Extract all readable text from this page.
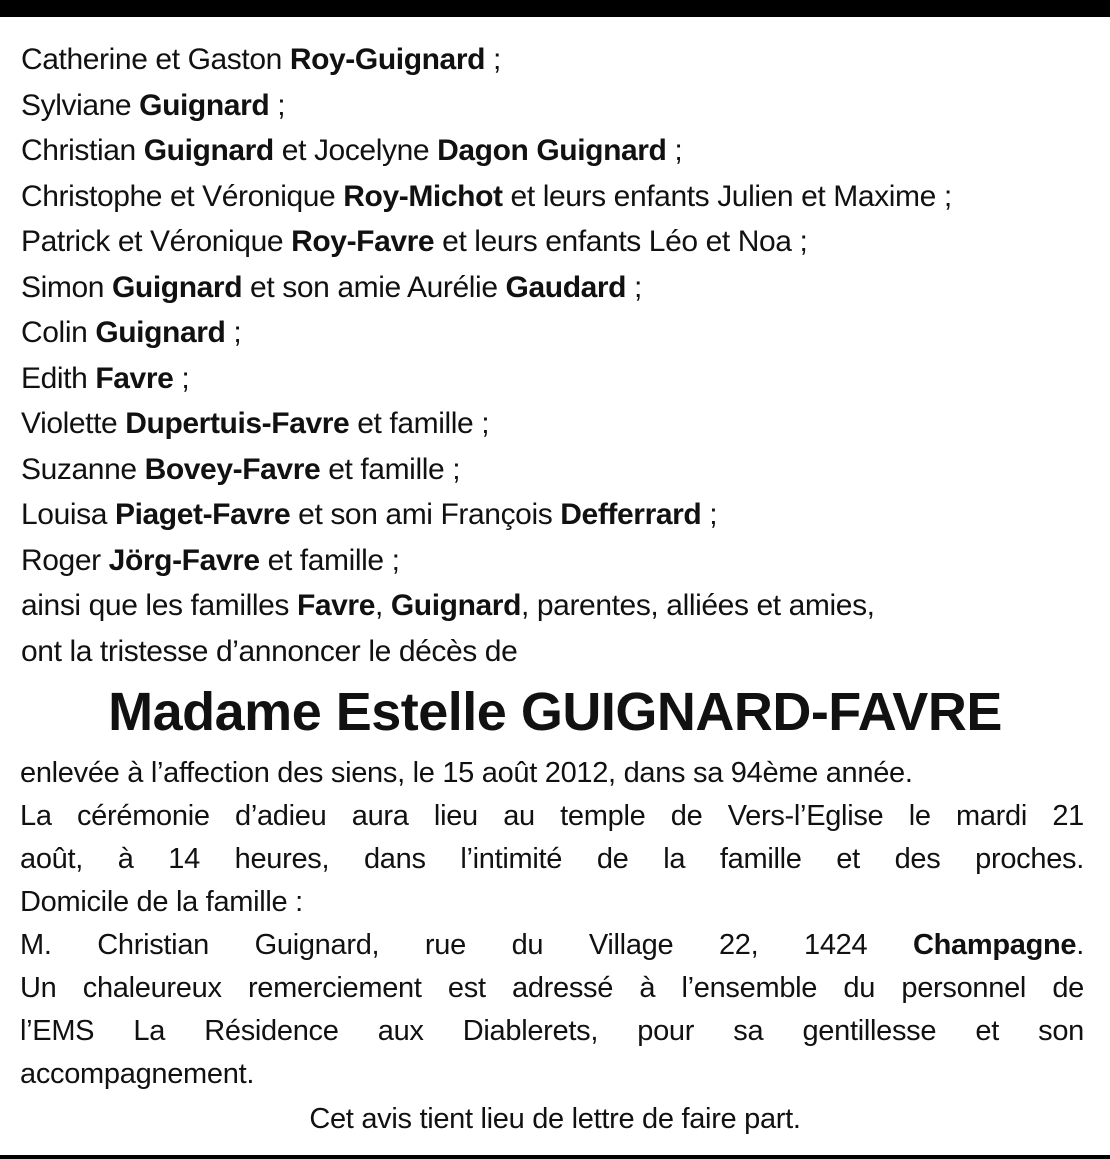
Catherine et Gaston Roy-Guignard ;
Sylviane Guignard ;
Christian Guignard et Jocelyne Dagon Guignard ;
Christophe et Véronique Roy-Michot et leurs enfants Julien et Maxime ;
Patrick et Véronique Roy-Favre et leurs enfants Léo et Noa ;
Simon Guignard et son amie Aurélie Gaudard ;
Colin Guignard ;
Edith Favre ;
Violette Dupertuis-Favre et famille ;
Suzanne Bovey-Favre et famille ;
Louisa Piaget-Favre et son ami François Defferrard ;
Roger Jörg-Favre et famille ;
ainsi que les familles Favre, Guignard, parentes, alliées et amies,
ont la tristesse d’annoncer le décès de
Madame Estelle GUIGNARD-FAVRE
enlevée à l’affection des siens, le 15 août 2012, dans sa 94ème année.
La cérémonie d’adieu aura lieu au temple de Vers-l’Eglise le mardi 21
août, à 14 heures, dans l’intimité de la famille et des proches.
Domicile de la famille :
M. Christian Guignard, rue du Village 22, 1424 Champagne.
Un chaleureux remerciement est adressé à l’ensemble du personnel de
l’EMS La Résidence aux Diablerets, pour sa gentillesse et son
accompagnement.
Cet avis tient lieu de lettre de faire part.
